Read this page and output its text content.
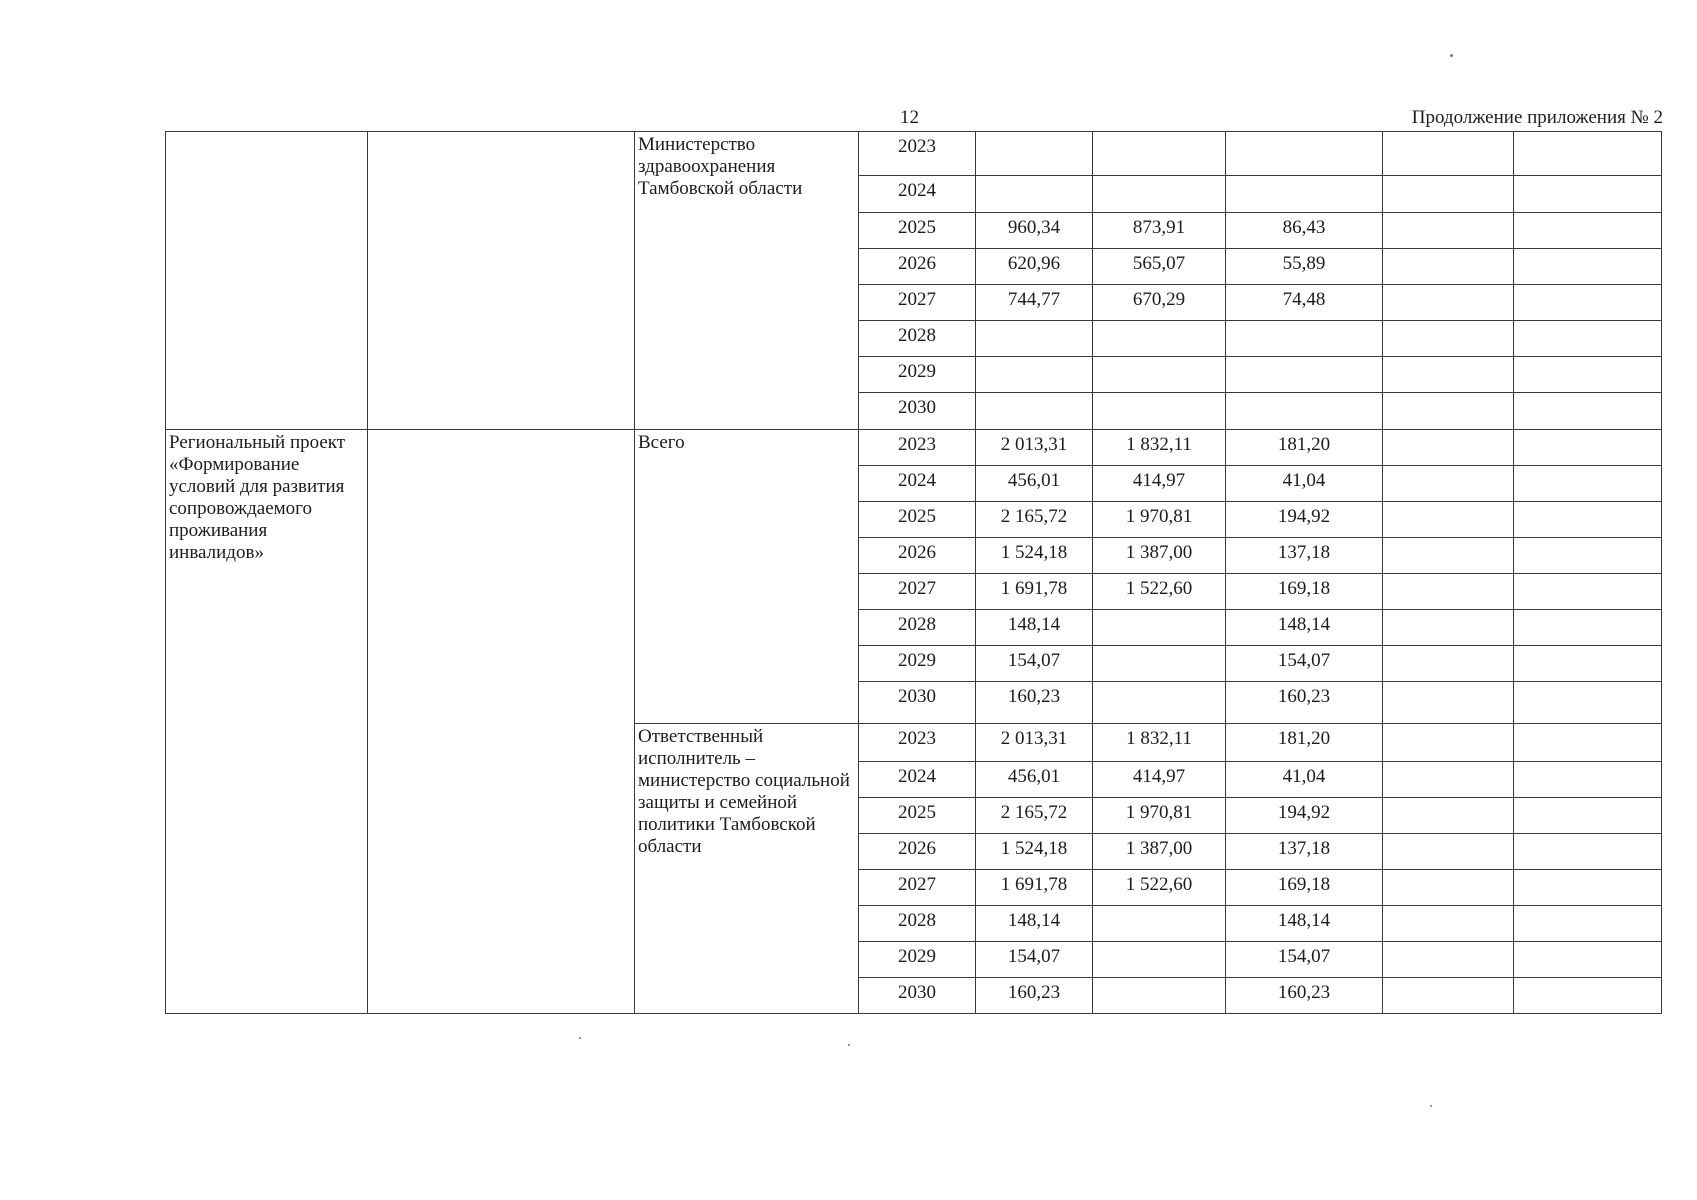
12	Продолжение приложения № 2
		Министерство здравоохранения Тамбовской области	2023					
			2024					
			2025	960,34	873,91	86,43		
			2026	620,96	565,07	55,89		
			2027	744,77	670,29	74,48		
			2028					
			2029					
			2030					
Региональный проект «Формирование условий для развития сопровождаемого проживания инвалидов»		Всего	2023	2 013,31	1 832,11	181,20		
			2024	456,01	414,97	41,04		
			2025	2 165,72	1 970,81	194,92		
			2026	1 524,18	1 387,00	137,18		
			2027	1 691,78	1 522,60	169,18		
			2028	148,14		148,14		
			2029	154,07		154,07		
			2030	160,23		160,23		
		Ответственный исполнитель – министерство социальной защиты и семейной политики Тамбовской области	2023	2 013,31	1 832,11	181,20		
			2024	456,01	414,97	41,04		
			2025	2 165,72	1 970,81	194,92		
			2026	1 524,18	1 387,00	137,18		
			2027	1 691,78	1 522,60	169,18		
			2028	148,14		148,14		
			2029	154,07		154,07		
			2030	160,23		160,23		
